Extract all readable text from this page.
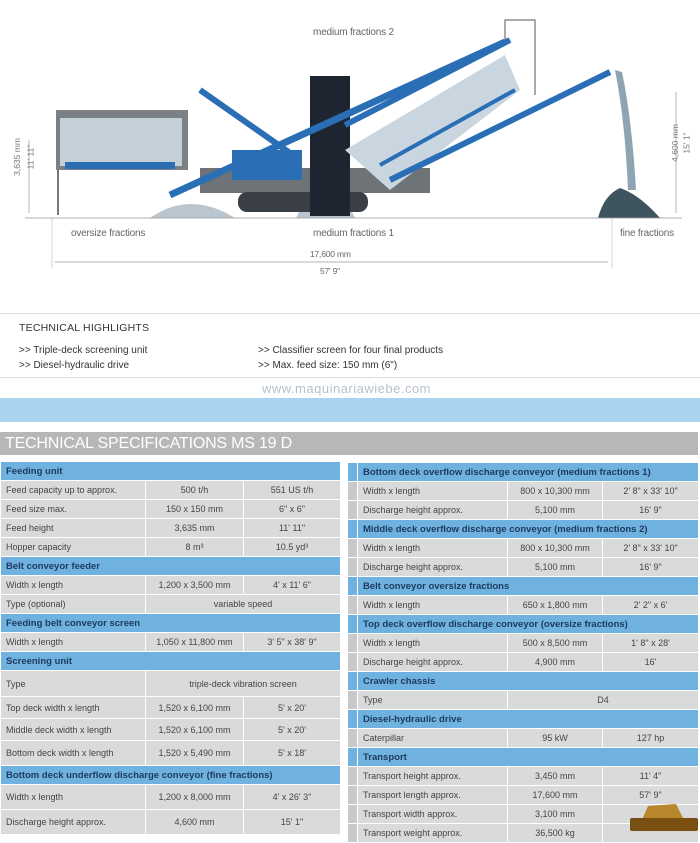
medium fractions 2
oversize fractions	medium fractions 1	fine fractions
17,600 mm
57' 9"
3,635 mm 11' 11"	4,600 mm 15' 1"
TECHNICAL HIGHLIGHTS
>> Triple-deck screening unit
>> Diesel-hydraulic drive
>> Classifier screen for four final products
>> Max. feed size: 150 mm (6")
www.maquinariawiebe.com
TECHNICAL SPECIFICATIONS MS 19 D
Feeding unit		
Feed capacity up to approx.	500 t/h	551 US t/h
Feed size max.	150 x 150 mm	6" x 6"
Feed height	3,635 mm	11' 11"
Hopper capacity	8 m³	10.5 yd³
Belt conveyor feeder		
Width x length	1,200 x 3,500 mm	4' x 11' 6"
Type (optional)	variable speed	
Feeding belt conveyor screen		
Width x length	1,050 x 11,800 mm	3' 5" x 38' 9"
Screening unit		
Type	triple-deck vibration screen	
Top deck width x length	1,520 x 6,100 mm	5' x 20'
Middle deck width x length	1,520 x 6,100 mm	5' x 20'
Bottom deck width x length	1,520 x 5,490 mm	5' x 18'
Bottom deck underflow discharge conveyor (fine fractions)		
Width x length	1,200 x 8,000 mm	4' x 26' 3"
Discharge height approx.	4,600 mm	15' 1"
	Bottom deck overflow discharge conveyor (medium fractions 1)		
	Width x length	800 x 10,300 mm	2' 8" x 33' 10"
	Discharge height approx.	5,100 mm	16' 9"
	Middle deck overflow discharge conveyor (medium fractions 2)		
	Width x length	800 x 10,300 mm	2' 8" x 33' 10"
	Discharge height approx.	5,100 mm	16' 9"
	Belt conveyor oversize fractions		
	Width x length	650 x 1,800 mm	2' 2" x 6'
	Top deck overflow discharge conveyor (oversize fractions)		
	Width x length	500 x 8,500 mm	1' 8" x 28'
	Discharge height approx.	4,900 mm	16'
	Crawler chassis		
	Type	D4	
	Diesel-hydraulic drive		
	Caterpillar	95 kW	127 hp
	Transport		
	Transport height approx.	3,450 mm	11' 4"
	Transport length approx.	17,600 mm	57' 9"
	Transport width approx.	3,100 mm	
	Transport weight approx.	36,500 kg	
